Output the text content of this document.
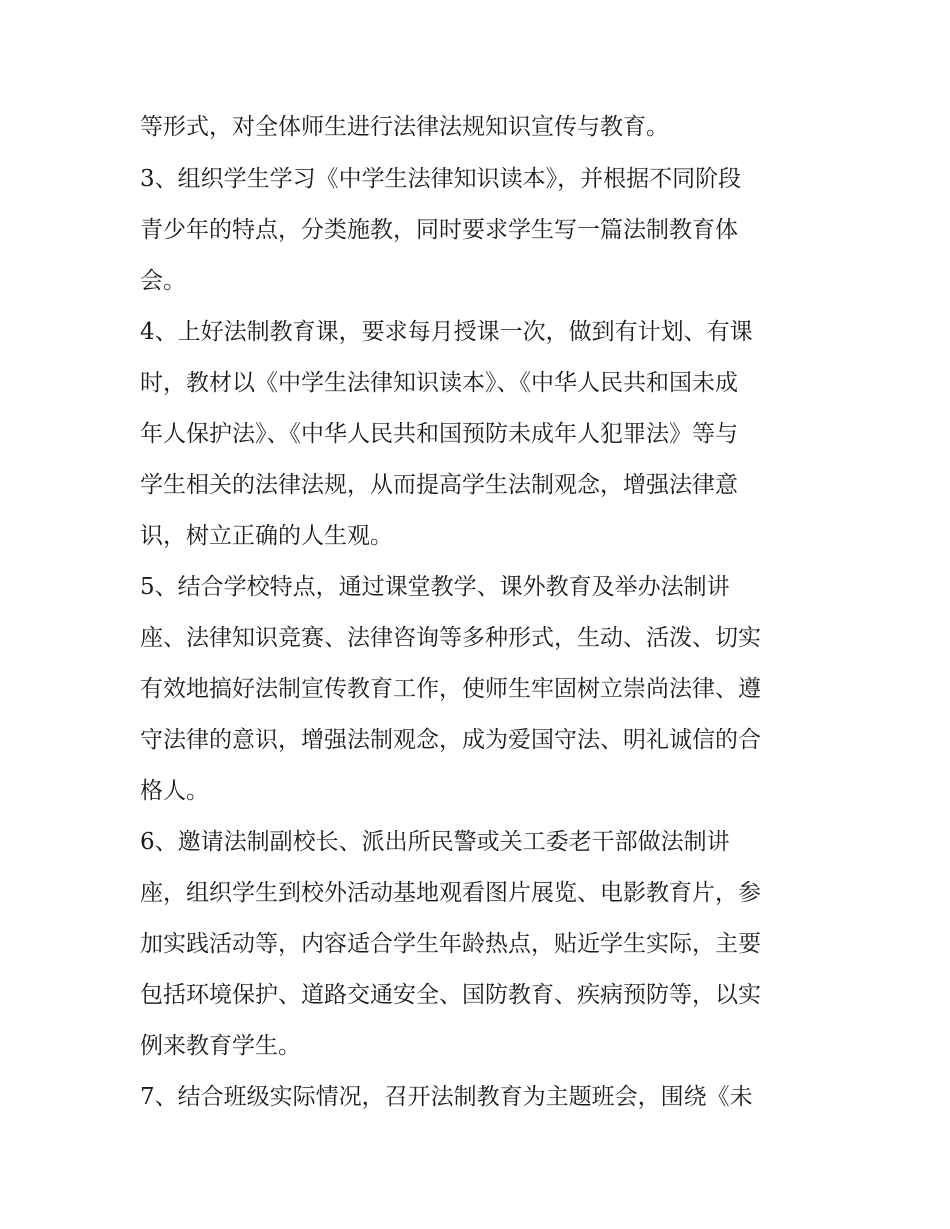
等形式，对全体师生进行法律法规知识宣传与教育。
3、组织学生学习《中学生法律知识读本》，并根据不同阶段
青少年的特点，分类施教，同时要求学生写一篇法制教育体
会。
4、上好法制教育课，要求每月授课一次，做到有计划、有课
时，教材以《中学生法律知识读本》、《中华人民共和国未成
年人保护法》、《中华人民共和国预防未成年人犯罪法》等与
学生相关的法律法规，从而提高学生法制观念，增强法律意
识，树立正确的人生观。
5、结合学校特点，通过课堂教学、课外教育及举办法制讲
座、法律知识竞赛、法律咨询等多种形式，生动、活泼、切实
有效地搞好法制宣传教育工作，使师生牢固树立崇尚法律、遵
守法律的意识，增强法制观念，成为爱国守法、明礼诚信的合
格人。
6、邀请法制副校长、派出所民警或关工委老干部做法制讲
座，组织学生到校外活动基地观看图片展览、电影教育片，参
加实践活动等，内容适合学生年龄热点，贴近学生实际，主要
包括环境保护、道路交通安全、国防教育、疾病预防等，以实
例来教育学生。
7、结合班级实际情况，召开法制教育为主题班会，围绕《未
